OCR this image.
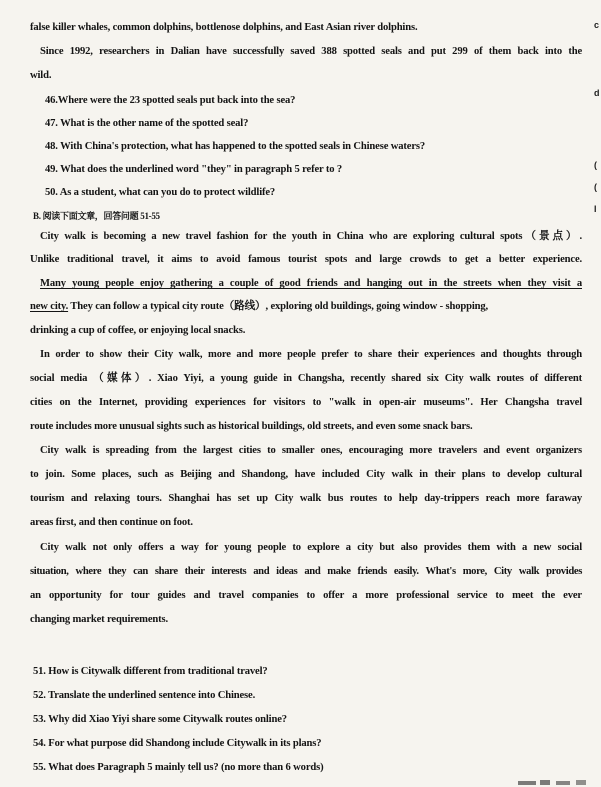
false killer whales, common dolphins, bottlenose dolphins, and East Asian river dolphins.
Since 1992, researchers in Dalian have successfully saved 388 spotted seals and put 299 of them back into the
wild.
46.Where were the 23 spotted seals put back into the sea?
47. What is the other name of the spotted seal?
48. With China's protection, what has happened to the spotted seals in Chinese waters?
49. What does the underlined word "they" in paragraph 5 refer to ?
50. As a student, what can you do to protect wildlife?
B. 阅读下面文章，回答问题 51-55
City walk is becoming a new travel fashion for the youth in China who are exploring cultural spots（景点）.
Unlike traditional travel, it aims to avoid famous tourist spots and large crowds to get a better experience.
Many young people enjoy gathering a couple of good friends and hanging out in the streets when they visit a
new city. They can follow a typical city route（路线）, exploring old buildings, going window - shopping,
drinking a cup of coffee, or enjoying local snacks.
In order to show their City walk, more and more people prefer to share their experiences and thoughts through
social media （媒体）. Xiao Yiyi, a young guide in Changsha, recently shared six City walk routes of different
cities on the Internet, providing experiences for visitors to "walk in open-air museums". Her Changsha travel
route includes more unusual sights such as historical buildings, old streets, and even some snack bars.
City walk is spreading from the largest cities to smaller ones, encouraging more travelers and event organizers
to join. Some places, such as Beijing and Shandong, have included City walk in their plans to develop cultural
tourism and relaxing tours. Shanghai has set up City walk bus routes to help day-trippers reach more faraway
areas first, and then continue on foot.
City walk not only offers a way for young people to explore a city but also provides them with a new social
situation, where they can share their interests and ideas and make friends easily. What's more, City walk provides
an opportunity for tour guides and travel companies to offer a more professional service to meet the ever
changing market requirements.
51. How is Citywalk different from traditional travel?
52. Translate the underlined sentence into Chinese.
53. Why did Xiao Yiyi share some Citywalk routes online?
54. For what purpose did Shandong include Citywalk in its plans?
55. What does Paragraph 5 mainly tell us? (no more than 6 words)
c
d
(
(
I
